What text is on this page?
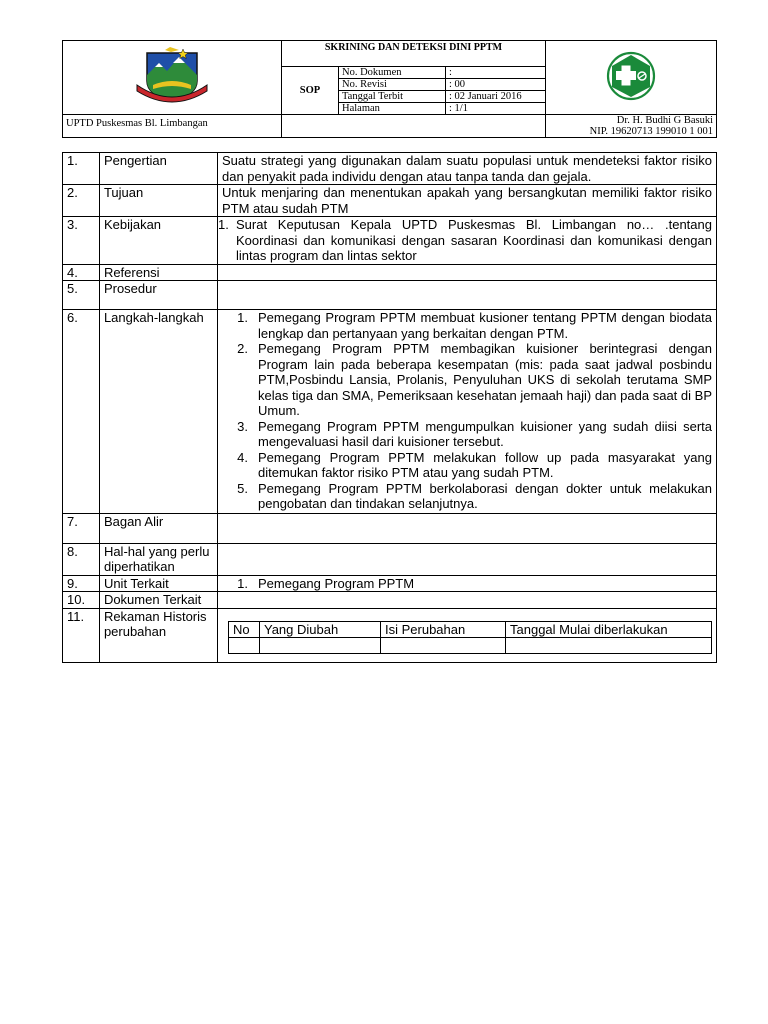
	SKRINING DAN DETEKSI DINI PPTM	
SOP	
No. Dokumen	:
No. Revisi	: 00
Tanggal Terbit	: 02 Januari 2016
Halaman	: 1/1

UPTD Puskesmas Bl. Limbangan		Dr. H. Budhi G Basuki
NIP. 19620713 199010 1 001
1.	Pengertian	Suatu strategi yang digunakan dalam suatu populasi untuk mendeteksi faktor risiko dan penyakit pada individu dengan atau tanpa tanda dan gejala.
2.	Tujuan	Untuk menjaring dan menentukan apakah yang bersangkutan memiliki faktor risiko PTM atau sudah PTM
3.	Kebijakan	1. Surat Keputusan Kepala UPTD Puskesmas Bl. Limbangan no… .tentang Koordinasi dan komunikasi dengan sasaran Koordinasi dan komunikasi dengan lintas program dan lintas sektor

4.	Referensi	
5.	Prosedur	
6.	Langkah-langkah	1. Pemegang Program PPTM membuat kusioner tentang PPTM dengan biodata lengkap dan pertanyaan yang berkaitan dengan PTM.
2. Pemegang Program PPTM membagikan kuisioner berintegrasi dengan Program lain pada beberapa kesempatan (mis: pada saat jadwal posbindu PTM,Posbindu Lansia, Prolanis, Penyuluhan UKS di sekolah terutama SMP kelas tiga dan SMA, Pemeriksaan kesehatan jemaah haji) dan pada saat di BP Umum.
3. Pemegang Program PPTM mengumpulkan kuisioner yang sudah diisi serta mengevaluasi hasil dari kuisioner tersebut.
4. Pemegang Program PPTM melakukan follow up pada masyarakat yang ditemukan faktor risiko PTM atau yang sudah PTM.
5. Pemegang Program PPTM berkolaborasi dengan dokter untuk melakukan pengobatan dan tindakan selanjutnya.

7.	Bagan Alir	
8.	Hal-hal yang perlu diperhatikan	
9.	Unit Terkait	1. Pemegang Program PPTM

10.	Dokumen Terkait	
11.	Rekaman Historis perubahan		No	Yang Diubah	Isi Perubahan	Tanggal Mulai diberlakukan
